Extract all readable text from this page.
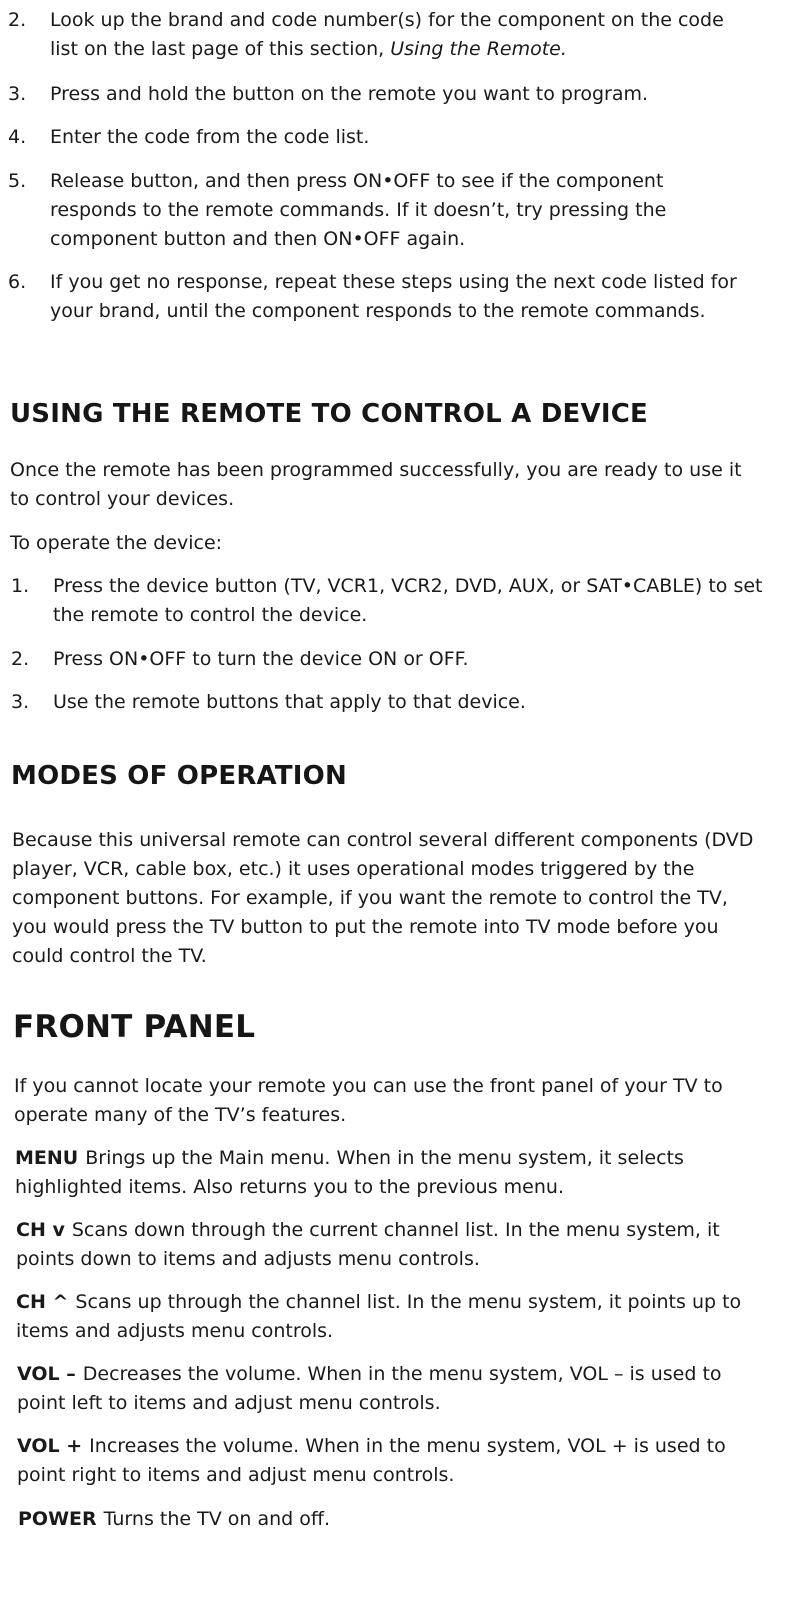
2.	Look up the brand and code number(s) for the component on the code list on the last page of this section, Using the Remote.
3.	Press and hold the button on the remote you want to program.
4.	Enter the code from the code list.
5.	Release button, and then press ON•OFF to see if the component responds to the remote commands. If it doesn’t, try pressing the component button and then ON•OFF again.
6.	If you get no response, repeat these steps using the next code listed for your brand, until the component responds to the remote commands.
USING THE REMOTE TO CONTROL A DEVICE
Once the remote has been programmed successfully, you are ready to use it to control your devices.
To operate the device:
1.	Press the device button (TV, VCR1, VCR2, DVD, AUX, or SAT•CABLE) to set the remote to control the device.
2.	Press ON•OFF to turn the device ON or OFF.
3.	Use the remote buttons that apply to that device.
MODES OF OPERATION
Because this universal remote can control several different components (DVD player, VCR, cable box, etc.) it uses operational modes triggered by the component buttons. For example, if you want the remote to control the TV, you would press the TV button to put the remote into TV mode before you could control the TV.
FRONT PANEL
If you cannot locate your remote you can use the front panel of your TV to operate many of the TV’s features.
MENU Brings up the Main menu. When in the menu system, it selects highlighted items. Also returns you to the previous menu.
CH v Scans down through the current channel list. In the menu system, it points down to items and adjusts menu controls.
CH ^ Scans up through the channel list. In the menu system, it points up to items and adjusts menu controls.
VOL – Decreases the volume. When in the menu system, VOL – is used to point left to items and adjust menu controls.
VOL + Increases the volume. When in the menu system, VOL + is used to point right to items and adjust menu controls.
POWER Turns the TV on and off.
